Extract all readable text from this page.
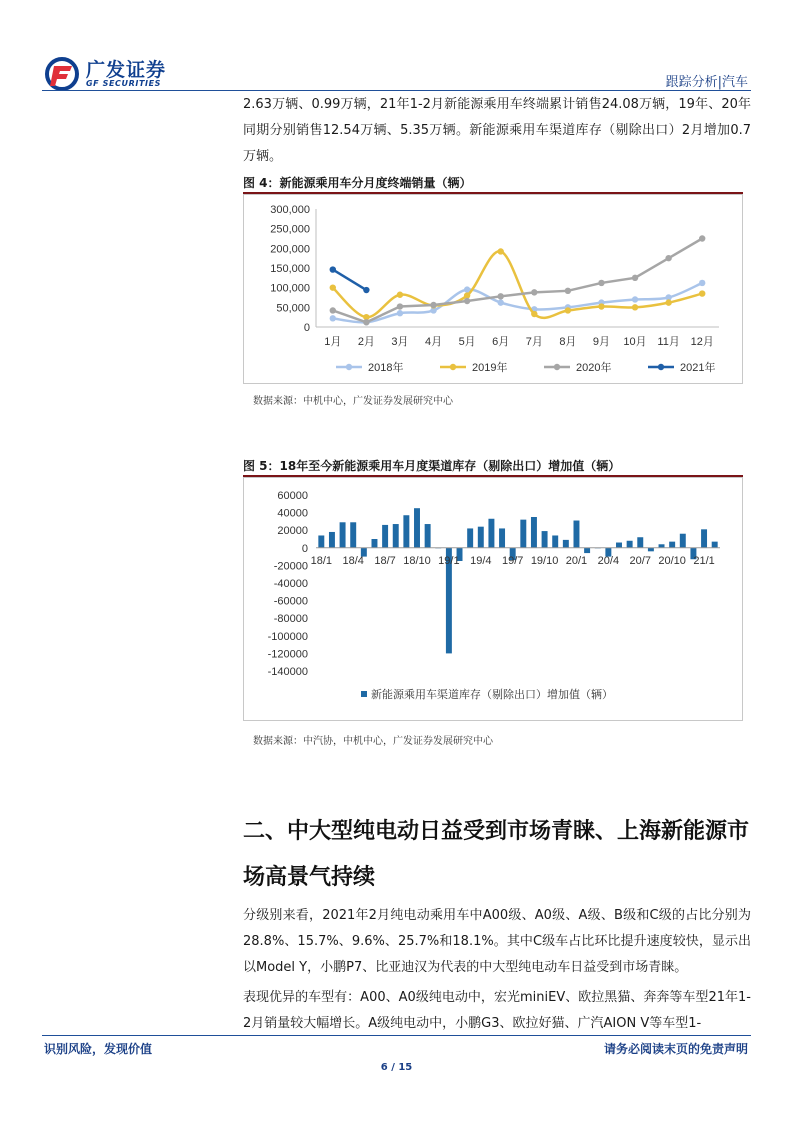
广发证券
GF SECURITIES	跟踪分析|汽车
2.63万辆、0.99万辆，21年1-2月新能源乘用车终端累计销售24.08万辆，19年、20年同期分别销售12.54万辆、5.35万辆。新能源乘用车渠道库存（剔除出口）2月增加0.7万辆。
图 4：新能源乘用车分月度终端销量（辆）
0
50,000
100,000
150,000
200,000
250,000
300,000
1月 2月 3月 4月 5月 6月 7月 8月 9月 10月 11月 12月
2018年	2019年	2020年	2021年
数据来源：中机中心，广发证券发展研究中心
图 5：18年至今新能源乘用车月度渠道库存（剔除出口）增加值（辆）
60000
40000
20000
0
-20000
-40000
-60000
-80000
-100000
-120000
-140000
18/1 18/4 18/7 18/10 19/1 19/4 19/7 19/10 20/1 20/4 20/7 20/10 21/1
新能源乘用车渠道库存（剔除出口）增加值（辆）
数据来源：中汽协，中机中心，广发证券发展研究中心
二、中大型纯电动日益受到市场青睐、上海新能源市场高景气持续
分级别来看，2021年2月纯电动乘用车中A00级、A0级、A级、B级和C级的占比分别为28.8%、15.7%、9.6%、25.7%和18.1%。其中C级车占比环比提升速度较快，显示出以Model Y，小鹏P7、比亚迪汉为代表的中大型纯电动车日益受到市场青睐。
表现优异的车型有：A00、A0级纯电动中，宏光miniEV、欧拉黑猫、奔奔等车型21年1-2月销量较大幅增长。A级纯电动中，小鹏G3、欧拉好猫、广汽AION V等车型1-
识别风险，发现价值	请务必阅读末页的免责声明
6 / 15
